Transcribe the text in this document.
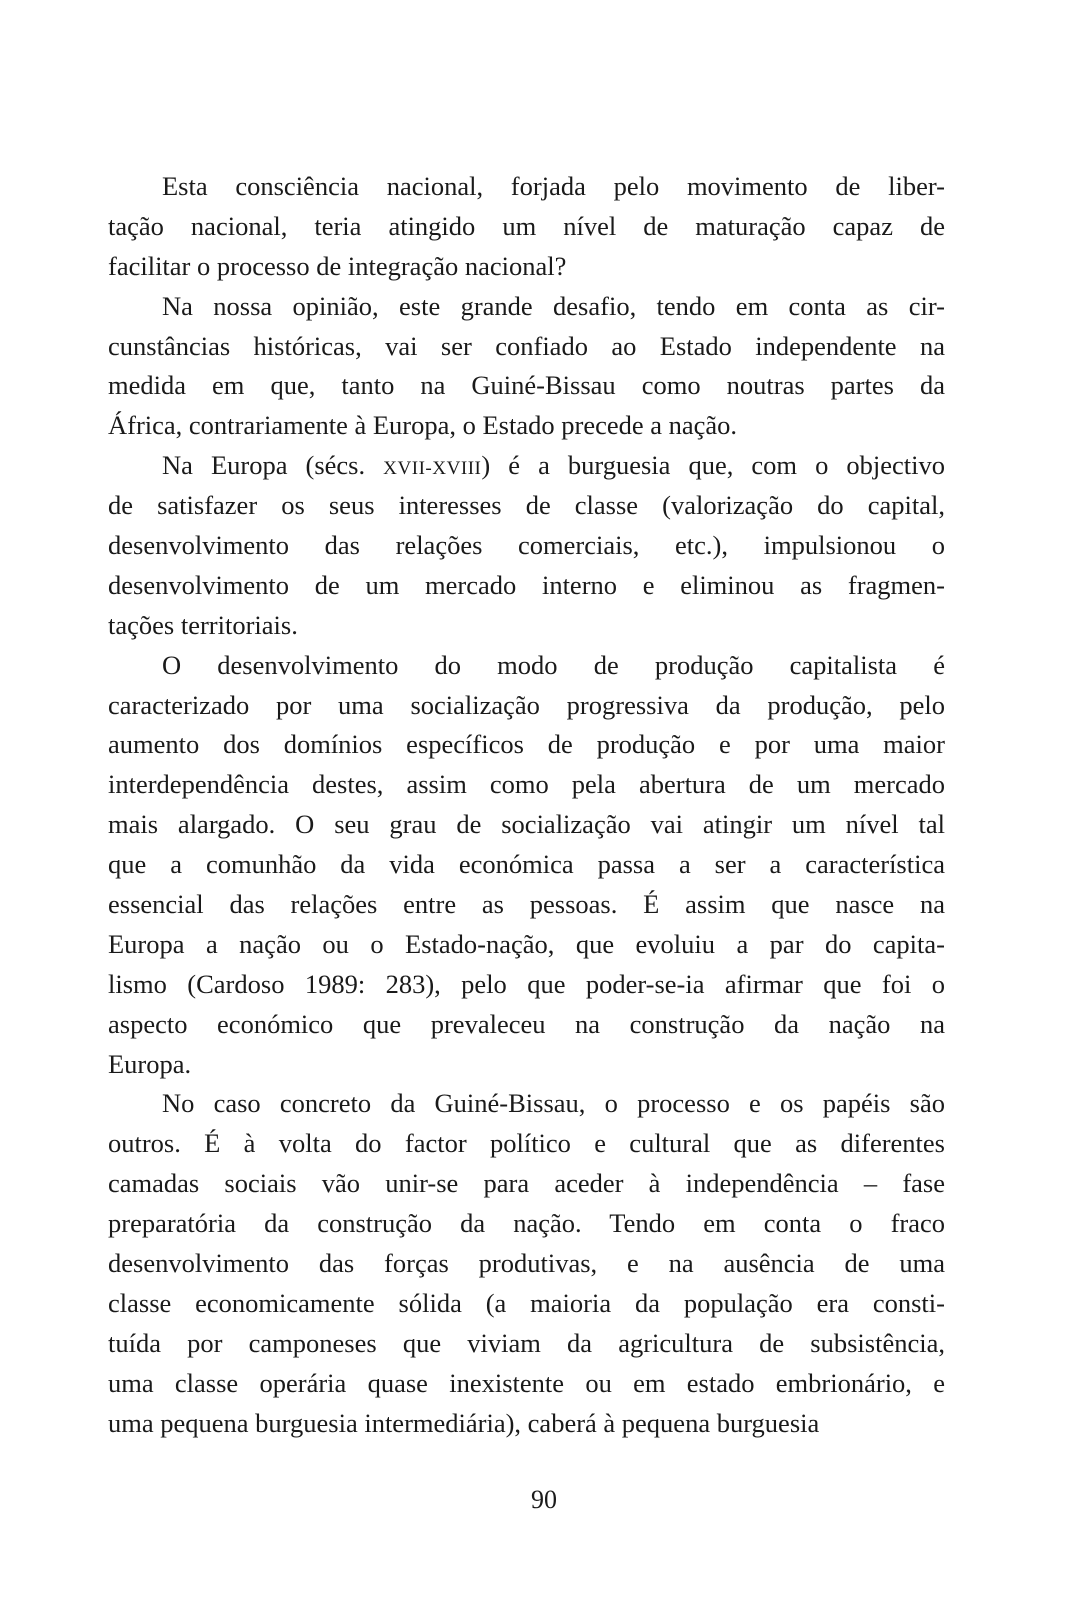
Esta consciência nacional, forjada pelo movimento de liber-
tação nacional, teria atingido um nível de maturação capaz de
facilitar o processo de integração nacional?
Na nossa opinião, este grande desafio, tendo em conta as cir-
cunstâncias históricas, vai ser confiado ao Estado independente na
medida em que, tanto na Guiné-Bissau como noutras partes da
África, contrariamente à Europa, o Estado precede a nação.
Na Europa (sécs. XVII-XVIII) é a burguesia que, com o objectivo
de satisfazer os seus interesses de classe (valorização do capital,
desenvolvimento das relações comerciais, etc.), impulsionou o
desenvolvimento de um mercado interno e eliminou as fragmen-
tações territoriais.
O desenvolvimento do modo de produção capitalista é
caracterizado por uma socialização progressiva da produção, pelo
aumento dos domínios específicos de produção e por uma maior
interdependência destes, assim como pela abertura de um mercado
mais alargado. O seu grau de socialização vai atingir um nível tal
que a comunhão da vida económica passa a ser a característica
essencial das relações entre as pessoas. É assim que nasce na
Europa a nação ou o Estado-nação, que evoluiu a par do capita-
lismo (Cardoso 1989: 283), pelo que poder-se-ia afirmar que foi o
aspecto económico que prevaleceu na construção da nação na
Europa.
No caso concreto da Guiné-Bissau, o processo e os papéis são
outros. É à volta do factor político e cultural que as diferentes
camadas sociais vão unir-se para aceder à independência – fase
preparatória da construção da nação. Tendo em conta o fraco
desenvolvimento das forças produtivas, e na ausência de uma
classe economicamente sólida (a maioria da população era consti-
tuída por camponeses que viviam da agricultura de subsistência,
uma classe operária quase inexistente ou em estado embrionário, e
uma pequena burguesia intermediária), caberá à pequena burguesia
90
